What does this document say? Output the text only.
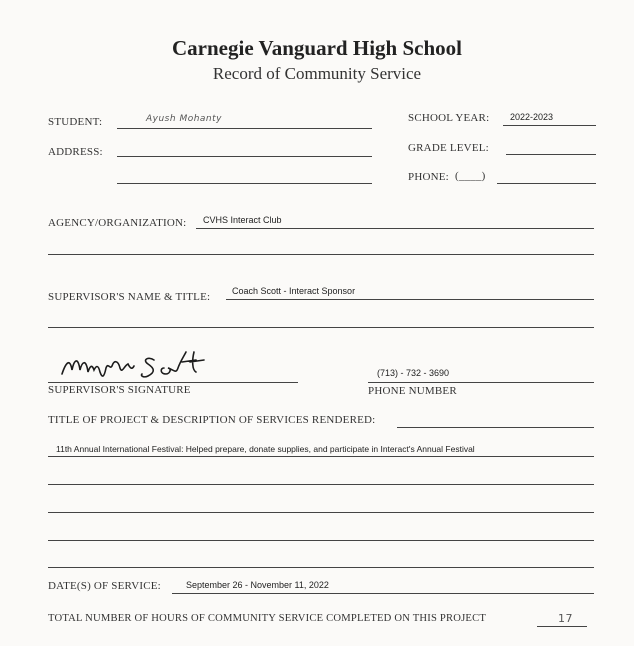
Carnegie Vanguard High School
Record of Community Service
STUDENT:	Ayush Mohanty	SCHOOL YEAR: 2022-2023
ADDRESS:	GRADE LEVEL:
PHONE: (____)
AGENCY/ORGANIZATION: CVHS Interact Club
SUPERVISOR'S NAME & TITLE: Coach Scott - Interact Sponsor
SUPERVISOR'S SIGNATURE
(713) - 732 - 3690
PHONE NUMBER
TITLE OF PROJECT & DESCRIPTION OF SERVICES RENDERED:
11th Annual International Festival: Helped prepare, donate supplies, and participate in Interact's Annual Festival
DATE(S) OF SERVICE:	September 26 - November 11, 2022
TOTAL NUMBER OF HOURS OF COMMUNITY SERVICE COMPLETED ON THIS PROJECT	17
